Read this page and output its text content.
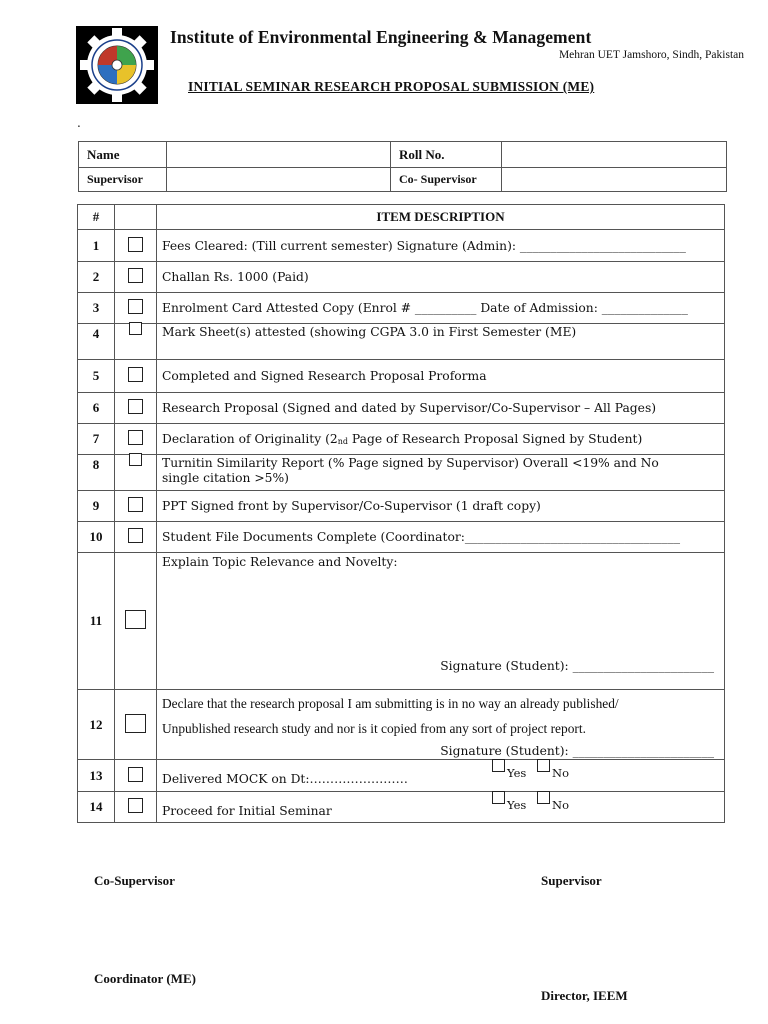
Institute of Environmental Engineering & Management
Mehran UET Jamshoro, Sindh, Pakistan
INITIAL SEMINAR RESEARCH PROPOSAL SUBMISSION (ME)
.
Name		Roll No.	
Supervisor		Co- Supervisor	
#		ITEM DESCRIPTION
1		Fees Cleared: (Till current semester) Signature (Admin): ___________________________
2		Challan Rs. 1000 (Paid)
3		Enrolment Card Attested Copy (Enrol # __________ Date of Admission: ______________
4		Mark Sheet(s) attested (showing CGPA 3.0 in First Semester (ME)
5		Completed and Signed Research Proposal Proforma
6		Research Proposal (Signed and dated by Supervisor/Co-Supervisor – All Pages)
7		Declaration of Originality (2nd Page of Research Proposal Signed by Student)
8		Turnitin Similarity Report (% Page signed by Supervisor) Overall <19% and No single citation >5%)
9		PPT Signed front by Supervisor/Co-Supervisor (1 draft copy)
10		Student File Documents Complete (Coordinator:___________________________________
11		Explain Topic Relevance and Novelty:
Signature (Student): _______________________

12		Declare that the research proposal I am submitting is in no way an already published/
Unpublished research study and nor is it copied from any sort of project report.
Signature (Student): _______________________

13		Delivered MOCK on Dt:…………………… Yes No

14		Proceed for Initial Seminar Yes No
Co-Supervisor	Supervisor
Coordinator (ME)
Director, IEEM
